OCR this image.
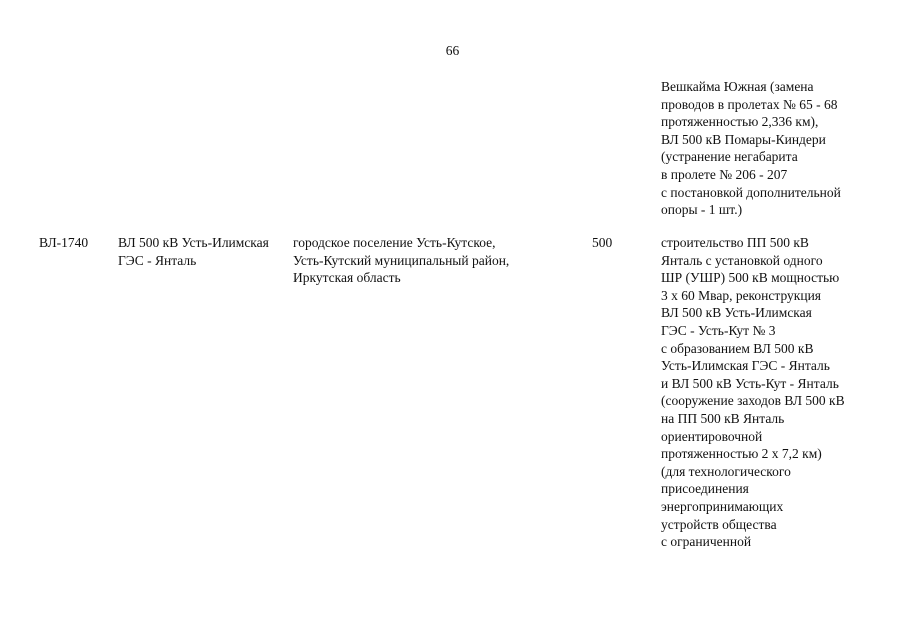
66
Вешкайма Южная (замена
проводов в пролетах № 65 - 68
протяженностью 2,336 км),
ВЛ 500 кВ Помары-Киндери
(устранение негабарита
в пролете № 206 - 207
с постановкой дополнительной
опоры - 1 шт.)
ВЛ-1740 ВЛ 500 кВ Усть-Илимская
ГЭС - Янталь
городское поселение Усть-Кутское,
Усть-Кутский муниципальный район,
Иркутская область
500	строительство ПП 500 кВ
Янталь с установкой одного
ШР (УШР) 500 кВ мощностью
3 х 60 Мвар, реконструкция
ВЛ 500 кВ Усть-Илимская
ГЭС - Усть-Кут № 3
с образованием ВЛ 500 кВ
Усть-Илимская ГЭС - Янталь
и ВЛ 500 кВ Усть-Кут - Янталь
(сооружение заходов ВЛ 500 кВ
на ПП 500 кВ Янталь
ориентировочной
протяженностью 2 х 7,2 км)
(для технологического
присоединения
энергопринимающих
устройств общества
с ограниченной
